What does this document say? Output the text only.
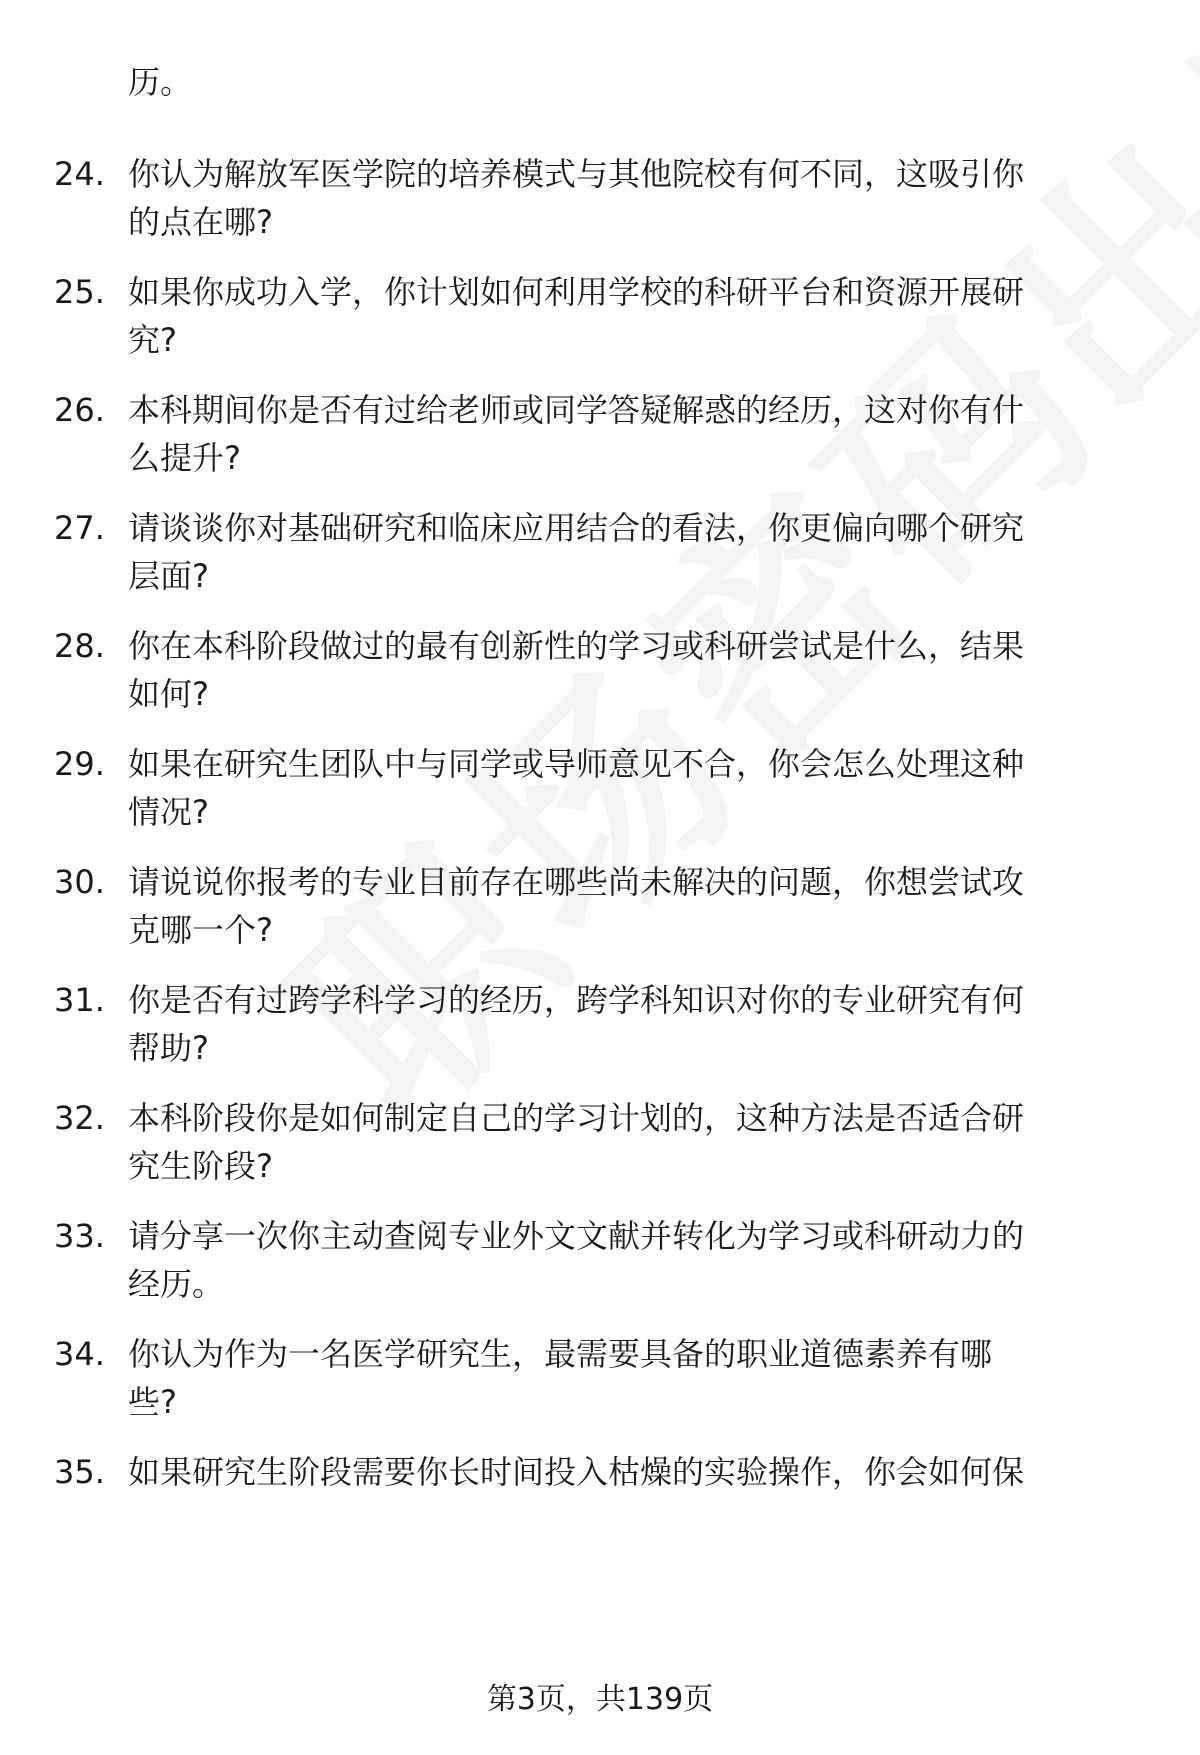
历。
24. 你认为解放军医学院的培养模式与其他院校有何不同，这吸引你
的点在哪?
25. 如果你成功入学，你计划如何利用学校的科研平台和资源开展研
究?
26. 本科期间你是否有过给老师或同学答疑解惑的经历，这对你有什
么提升?
27. 请谈谈你对基础研究和临床应用结合的看法，你更偏向哪个研究
层面?
28. 你在本科阶段做过的最有创新性的学习或科研尝试是什么，结果
如何?
29. 如果在研究生团队中与同学或导师意见不合，你会怎么处理这种
情况?
30. 请说说你报考的专业目前存在哪些尚未解决的问题，你想尝试攻
克哪一个?
31. 你是否有过跨学科学习的经历，跨学科知识对你的专业研究有何
帮助?
32. 本科阶段你是如何制定自己的学习计划的，这种方法是否适合研
究生阶段?
33. 请分享一次你主动查阅专业外文文献并转化为学习或科研动力的
经历。
34. 你认为作为一名医学研究生，最需要具备的职业道德素养有哪
些?
35. 如果研究生阶段需要你长时间投入枯燥的实验操作，你会如何保
第3页，共139页
